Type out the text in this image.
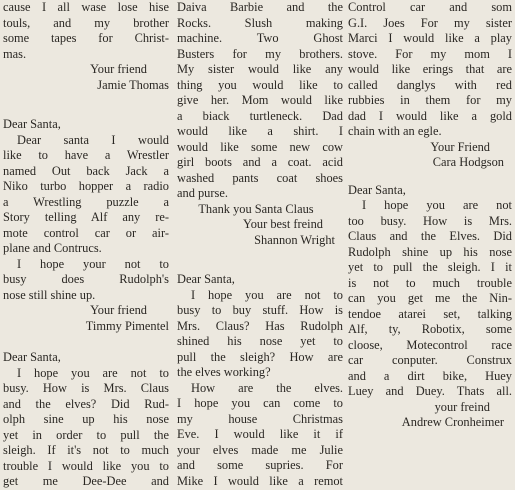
cause I all wase lose hise
touls, and my brother
some tapes for Christ-
mas.
Your friend
Jamie Thomas
Dear Santa,
Dear santa I would
like to have a Wrestler
named Out back Jack a
Niko turbo hopper a radio
a Wrestling puzzle a
Story telling Alf any re-
mote control car or air-
plane and Contrucs.
I hope your not to
busy does Rudolph's
nose still shine up.
Your friend
Timmy Pimentel
Dear Santa,
I hope you are not to
busy. How is Mrs. Claus
and the elves? Did Rud-
olph sine up his nose
yet in order to pull the
sleigh. If it's not to much
trouble I would like you to
get me Dee-Dee and
Daiva Barbie and the
Rocks. Slush making
machine. Two Ghost
Busters for my brothers.
My sister would like any
thing you would like to
give her. Mom would like
a biack turtleneck. Dad
would like a shirt. I
would like some new cow
girl boots and a coat. acid
washed pants coat shoes
and purse.
Thank you Santa Claus
Your best freind
Shannon Wright
Dear Santa,
I hope you are not to
busy to buy stuff. How is
Mrs. Claus? Has Rudolph
shined his nose yet to
pull the sleigh? How are
the elves working?
How are the elves.
I hope you can come to
my house Christmas
Eve. I would like it if
your elves made me Julie
and some supries. For
Mike I would like a remot
Control car and som
G.I. Joes For my sister
Marci I would like a play
stove. For my mom I
would like erings that are
called danglys with red
rubbies in them for my
dad I would like a gold
chain with an egle.
Your Friend
Cara Hodgson
Dear Santa,
I hope you are not
too busy. How is Mrs.
Claus and the Elves. Did
Rudolph shine up his nose
yet to pull the sleigh. I it
is not to much trouble
can you get me the Nin-
tendoe atarei set, talking
Alf, ty, Robotix, some
cloose, Motecontrol race
car conputer. Construx
and a dirt bike, Huey
Luey and Duey. Thats all.
your freind
Andrew Cronheimer
